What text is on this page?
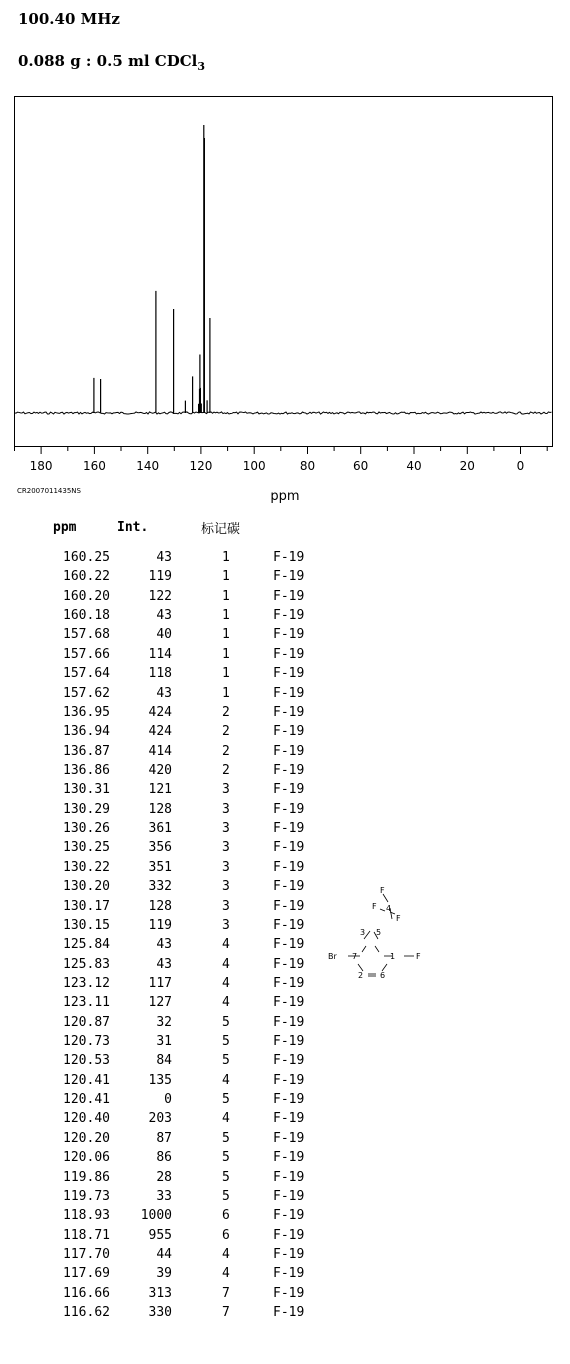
100.40 MHz
0.088 g : 0.5 ml CDCl$_3$
180	160	140	120	100	80	60	40	20	0
ppm
CR2007011435NS
ppm	Int.	标记碳
160.25	43	1	F-19
160.22	119	1	F-19
160.20	122	1	F-19
160.18	43	1	F-19
157.68	40	1	F-19
157.66	114	1	F-19
157.64	118	1	F-19
157.62	43	1	F-19
136.95	424	2	F-19
136.94	424	2	F-19
136.87	414	2	F-19
136.86	420	2	F-19
130.31	121	3	F-19
130.29	128	3	F-19
130.26	361	3	F-19
130.25	356	3	F-19
130.22	351	3	F-19
130.20	332	3	F-19
130.17	128	3	F-19
130.15	119	3	F-19
125.84	43	4	F-19
125.83	43	4	F-19
123.12	117	4	F-19
123.11	127	4	F-19
120.87	32	5	F-19
120.73	31	5	F-19
120.53	84	5	F-19
120.41	135	4	F-19
120.41	0	5	F-19
120.40	203	4	F-19
120.20	87	5	F-19
120.06	86	5	F-19
119.86	28	5	F-19
119.73	33	5	F-19
118.93	1000	6	F-19
118.71	955	6	F-19
117.70	44	4	F-19
117.69	39	4	F-19
116.66	313	7	F-19
116.62	330	7	F-19
F
F
F
4
3 5
Br 7	1	F
2 6
